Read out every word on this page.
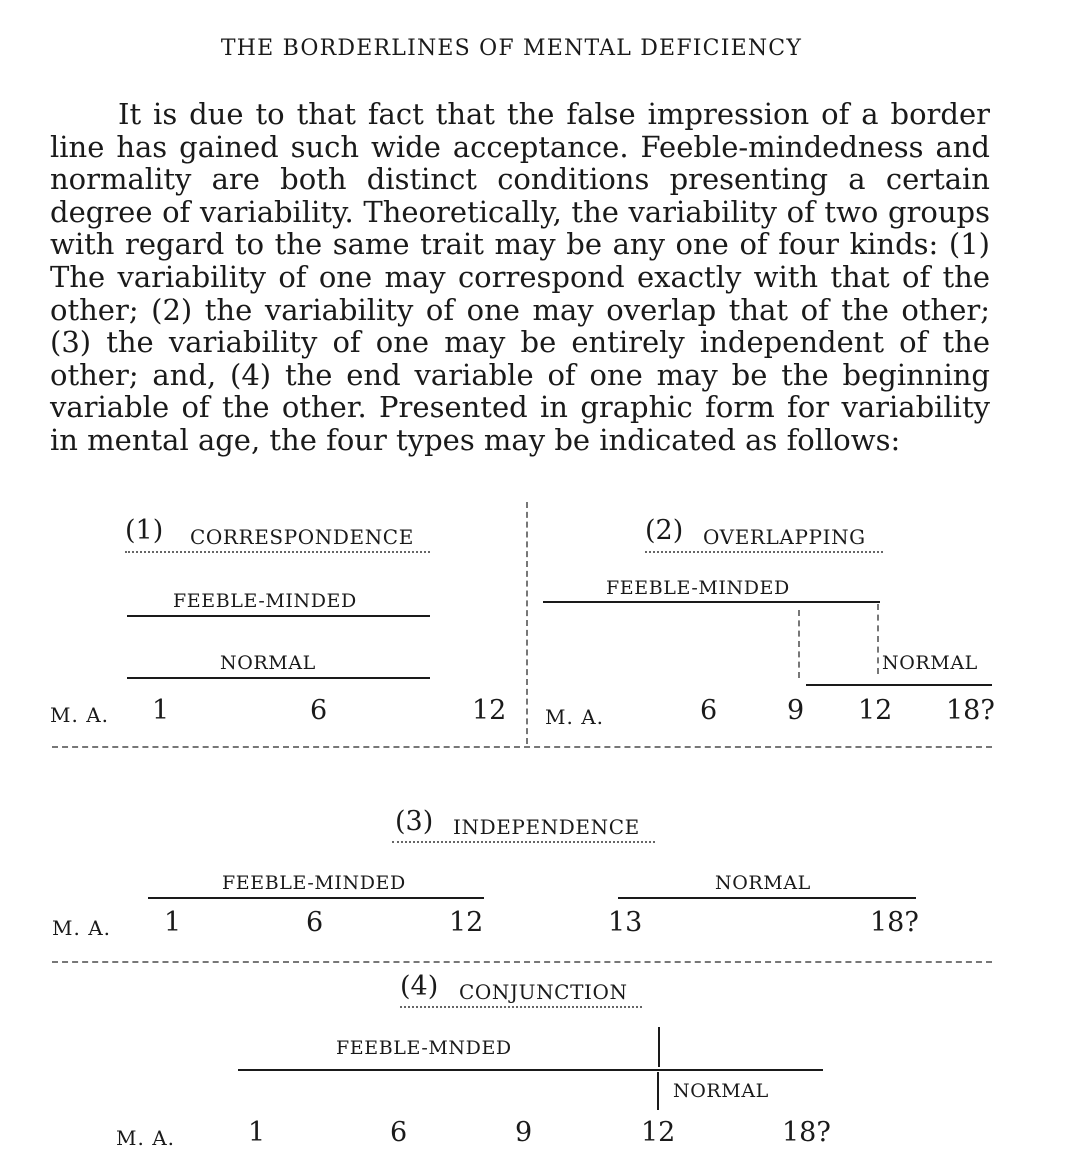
THE BORDERLINES OF MENTAL DEFICIENCY
It is due to that fact that the false impression of a border line has gained such wide acceptance. Feeble-mindedness and normality are both distinct conditions presenting a certain degree of variability. Theoretically, the variability of two groups with regard to the same trait may be any one of four kinds: (1) The variability of one may correspond exactly with that of the other; (2) the variability of one may overlap that of the other; (3) the variability of one may be entirely independent of the other; and, (4) the end variable of one may be the beginning variable of the other. Presented in graphic form for variability in mental age, the four types may be indicated as follows:
(1) CORRESPONDENCE
FEEBLE-MINDED
NORMAL
M. A. 1	6	12
(2) OVERLAPPING
FEEBLE-MINDED
NORMAL
M. A.	6	9 12 18?
(3) INDEPENDENCE
FEEBLE-MINDED	NORMAL
M. A. 1	6	12	13	18?
(4) CONJUNCTION
FEEBLE-MNDED
NORMAL
M. A.	1	6	9	12	18?
